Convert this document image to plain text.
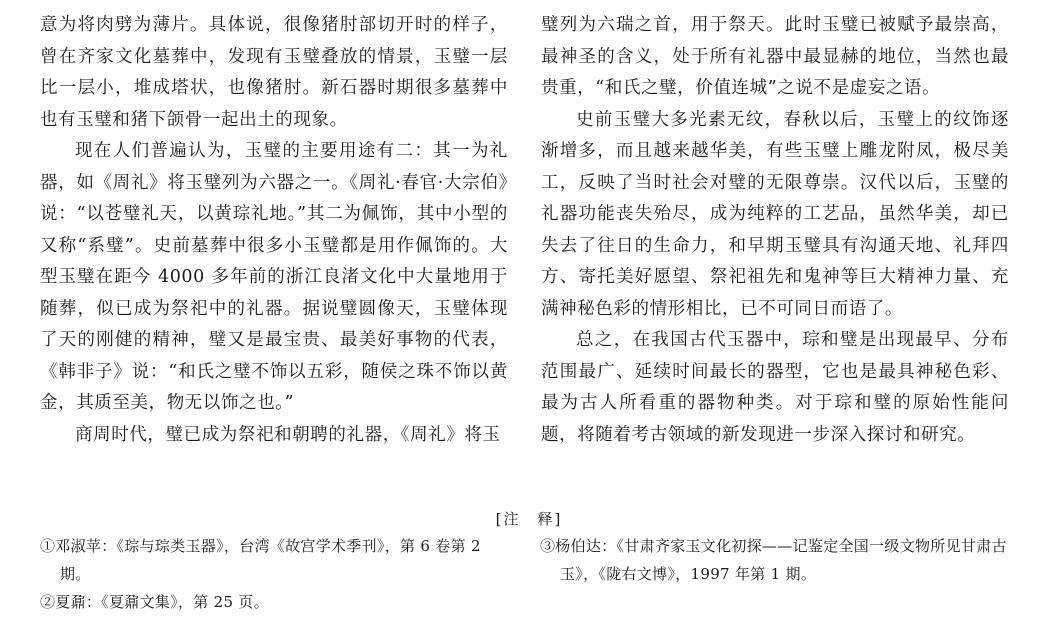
意为将肉劈为薄片。具体说，很像猪肘部切开时的样子，曾在齐家文化墓葬中，发现有玉璧叠放的情景，玉璧一层比一层小，堆成塔状，也像猪肘。新石器时期很多墓葬中也有玉璧和猪下颌骨一起出土的现象。

现在人们普遍认为，玉璧的主要用途有二：其一为礼器，如《周礼》将玉璧列为六器之一。《周礼·春官·大宗伯》说：“以苍璧礼天，以黄琮礼地。”其二为佩饰，其中小型的又称“系璧”。史前墓葬中很多小玉璧都是用作佩饰的。大型玉璧在距今 4000 多年前的浙江良渚文化中大量地用于随葬，似已成为祭祀中的礼器。据说璧圆像天，玉璧体现了天的刚健的精神，璧又是最宝贵、最美好事物的代表，《韩非子》说：“和氏之璧不饰以五彩，随侯之珠不饰以黄金，其质至美，物无以饰之也。”

商周时代，璧已成为祭祀和朝聘的礼器，《周礼》将玉

璧列为六瑞之首，用于祭天。此时玉璧已被赋予最崇高，最神圣的含义，处于所有礼器中最显赫的地位，当然也最贵重，“和氏之璧，价值连城”之说不是虚妄之语。

史前玉璧大多光素无纹，春秋以后，玉璧上的纹饰逐渐增多，而且越来越华美，有些玉璧上雕龙附凤，极尽美工，反映了当时社会对璧的无限尊崇。汉代以后，玉璧的礼器功能丧失殆尽，成为纯粹的工艺品，虽然华美，却已失去了往日的生命力，和早期玉璧具有沟通天地、礼拜四方、寄托美好愿望、祭祀祖先和鬼神等巨大精神力量、充满神秘色彩的情形相比，已不可同日而语了。

总之，在我国古代玉器中，琮和璧是出现最早、分布范围最广、延续时间最长的器型，它也是最具神秘色彩、最为古人所看重的器物种类。对于琮和璧的原始性能问题，将随着考古领域的新发现进一步深入探讨和研究。

[注　释]

①邓淑苹：《琮与琮类玉器》，台湾《故宫学术季刊》，第 6 卷第 2 期。

②夏鼐：《夏鼐文集》，第 25 页。

③杨伯达：《甘肃齐家玉文化初探——记鉴定全国一级文物所见甘肃古玉》，《陇右文博》，1997 年第 1 期。
